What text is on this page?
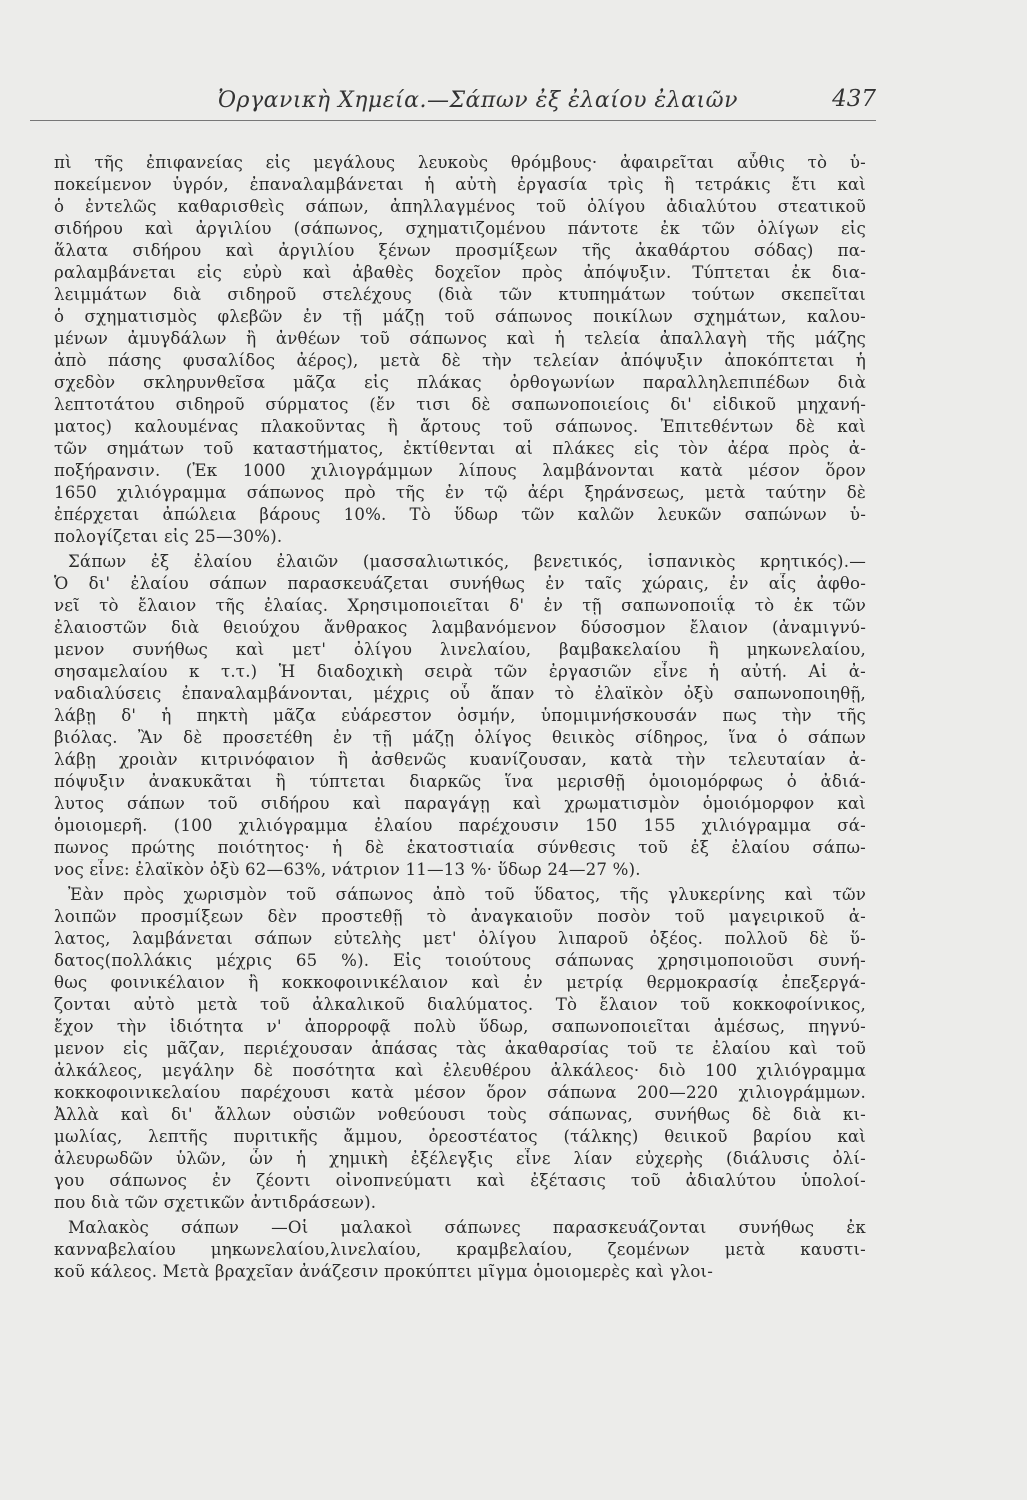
Ὀργανικὴ Χημεία.—Σάπων ἐξ ἐλαίου ἐλαιῶν	437
πὶ τῆς ἐπιφανείας εἰς μεγάλους λευκοὺς θρόμβους· ἀφαιρεῖται αὖθις τὸ ὑ-
ποκείμενον ὑγρόν, ἐπαναλαμβάνεται ἡ αὐτὴ ἐργασία τρὶς ἢ τετράκις ἔτι καὶ
ὁ ἐντελῶς καθαρισθεὶς σάπων, ἀπηλλαγμένος τοῦ ὀλίγου ἀδιαλύτου στεατικοῦ
σιδήρου καὶ ἀργιλίου (σάπωνος, σχηματιζομένου πάντοτε ἐκ τῶν ὀλίγων εἰς
ἅλατα σιδήρου καὶ ἀργιλίου ξένων προσμίξεων τῆς ἀκαθάρτου σόδας) πα-
ραλαμβάνεται εἰς εὐρὺ καὶ ἀβαθὲς δοχεῖον πρὸς ἀπόψυξιν. Τύπτεται ἐκ δια-
λειμμάτων διὰ σιδηροῦ στελέχους (διὰ τῶν κτυπημάτων τούτων σκεπεῖται
ὁ σχηματισμὸς φλεβῶν ἐν τῇ μάζῃ τοῦ σάπωνος ποικίλων σχημάτων, καλου-
μένων ἀμυγδάλων ἢ ἀνθέων τοῦ σάπωνος καὶ ἡ τελεία ἀπαλλαγὴ τῆς μάζης
ἀπὸ πάσης φυσαλίδος ἀέρος), μετὰ δὲ τὴν τελείαν ἀπόψυξιν ἀποκόπτεται ἡ
σχεδὸν σκληρυνθεῖσα μᾶζα εἰς πλάκας ὀρθογωνίων παραλληλεπιπέδων διὰ
λεπτοτάτου σιδηροῦ σύρματος (ἔν τισι δὲ σαπωνοποιείοις δι' εἰδικοῦ μηχανή-
ματος) καλουμένας πλακοῦντας ἢ ἄρτους τοῦ σάπωνος. Ἐπιτεθέντων δὲ καὶ
τῶν σημάτων τοῦ καταστήματος, ἐκτίθενται αἱ πλάκες εἰς τὸν ἀέρα πρὸς ἀ-
ποξήρανσιν. (Ἐκ 1000 χιλιογράμμων λίπους λαμβάνονται κατὰ μέσον ὅρον
1650 χιλιόγραμμα σάπωνος πρὸ τῆς ἐν τῷ ἀέρι ξηράνσεως, μετὰ ταύτην δὲ
ἐπέρχεται ἀπώλεια βάρους 10%. Τὸ ὕδωρ τῶν καλῶν λευκῶν σαπώνων ὑ-
πολογίζεται εἰς 25—30%).
Σάπων ἐξ ἐλαίου ἐλαιῶν (μασσαλιωτικός, βενετικός, ἱσπανικὸς κρητικός).—
Ὁ δι' ἐλαίου σάπων παρασκευάζεται συνήθως ἐν ταῖς χώραις, ἐν αἷς ἀφθο-
νεῖ τὸ ἔλαιον τῆς ἐλαίας. Χρησιμοποιεῖται δ' ἐν τῇ σαπωνοποιΐᾳ τὸ ἐκ τῶν
ἐλαιοστῶν διὰ θειούχου ἄνθρακος λαμβανόμενον δύσοσμον ἔλαιον (ἀναμιγνύ-
μενον συνήθως καὶ μετ' ὀλίγου λινελαίου, βαμβακελαίου ἢ μηκωνελαίου,
σησαμελαίου κ τ.τ.) Ἡ διαδοχικὴ σειρὰ τῶν ἐργασιῶν εἶνε ἡ αὐτή. Αἱ ἀ-
ναδιαλύσεις ἐπαναλαμβάνονται, μέχρις οὗ ἅπαν τὸ ἐλαϊκὸν ὀξὺ σαπωνοποιηθῇ,
λάβῃ δ' ἡ πηκτὴ μᾶζα εὐάρεστον ὀσμήν, ὑπομιμνήσκουσάν πως τὴν τῆς
βιόλας. Ἂν δὲ προσετέθη ἐν τῇ μάζῃ ὀλίγος θειικὸς σίδηρος, ἵνα ὁ σάπων
λάβῃ χροιὰν κιτρινόφαιον ἢ ἀσθενῶς κυανίζουσαν, κατὰ τὴν τελευταίαν ἀ-
πόψυξιν ἀνακυκᾶται ἢ τύπτεται διαρκῶς ἵνα μερισθῇ ὁμοιομόρφως ὁ ἀδιά-
λυτος σάπων τοῦ σιδήρου καὶ παραγάγῃ καὶ χρωματισμὸν ὁμοιόμορφον καὶ
ὁμοιομερῆ. (100 χιλιόγραμμα ἐλαίου παρέχουσιν 150 155 χιλιόγραμμα σά-
πωνος πρώτης ποιότητος· ἡ δὲ ἑκατοστιαία σύνθεσις τοῦ ἐξ ἐλαίου σάπω-
νος εἶνε: ἐλαϊκὸν ὀξὺ 62—63%, νάτριον 11—13 %· ὕδωρ 24—27 %).
Ἐὰν πρὸς χωρισμὸν τοῦ σάπωνος ἀπὸ τοῦ ὕδατος, τῆς γλυκερίνης καὶ τῶν
λοιπῶν προσμίξεων δὲν προστεθῇ τὸ ἀναγκαιοῦν ποσὸν τοῦ μαγειρικοῦ ἀ-
λατος, λαμβάνεται σάπων εὐτελὴς μετ' ὀλίγου λιπαροῦ ὀξέος. πολλοῦ δὲ ὕ-
δατος(πολλάκις μέχρις 65 %). Εἰς τοιούτους σάπωνας χρησιμοποιοῦσι συνή-
θως φοινικέλαιον ἢ κοκκοφοινικέλαιον καὶ ἐν μετρίᾳ θερμοκρασίᾳ ἐπεξεργά-
ζονται αὐτὸ μετὰ τοῦ ἀλκαλικοῦ διαλύματος. Τὸ ἔλαιον τοῦ κοκκοφοίνικος,
ἔχον τὴν ἰδιότητα ν' ἀπορροφᾷ πολὺ ὕδωρ, σαπωνοποιεῖται ἀμέσως, πηγνύ-
μενον εἰς μᾶζαν, περιέχουσαν ἁπάσας τὰς ἀκαθαρσίας τοῦ τε ἐλαίου καὶ τοῦ
ἀλκάλεος, μεγάλην δὲ ποσότητα καὶ ἐλευθέρου ἀλκάλεος· διὸ 100 χιλιόγραμμα
κοκκοφοινικελαίου παρέχουσι κατὰ μέσον ὅρον σάπωνα 200—220 χιλιογράμμων.
Ἀλλὰ καὶ δι' ἄλλων οὐσιῶν νοθεύουσι τοὺς σάπωνας, συνήθως δὲ διὰ κι-
μωλίας, λεπτῆς πυριτικῆς ἄμμου, ὀρεοστέατος (τάλκης) θειικοῦ βαρίου καὶ
ἀλευρωδῶν ὑλῶν, ὧν ἡ χημικὴ ἐξέλεγξις εἶνε λίαν εὐχερὴς (διάλυσις ὀλί-
γου σάπωνος ἐν ζέοντι οἰνοπνεύματι καὶ ἐξέτασις τοῦ ἀδιαλύτου ὑπολοί-
που διὰ τῶν σχετικῶν ἀντιδράσεων).
Μαλακὸς σάπων —Οἱ μαλακοὶ σάπωνες παρασκευάζονται συνήθως ἐκ
κανναβελαίου μηκωνελαίου,λινελαίου, κραμβελαίου, ζεομένων μετὰ καυστι-
κοῦ κάλεος. Μετὰ βραχεῖαν ἀνάζεσιν προκύπτει μῖγμα ὁμοιομερὲς καὶ γλοι-
